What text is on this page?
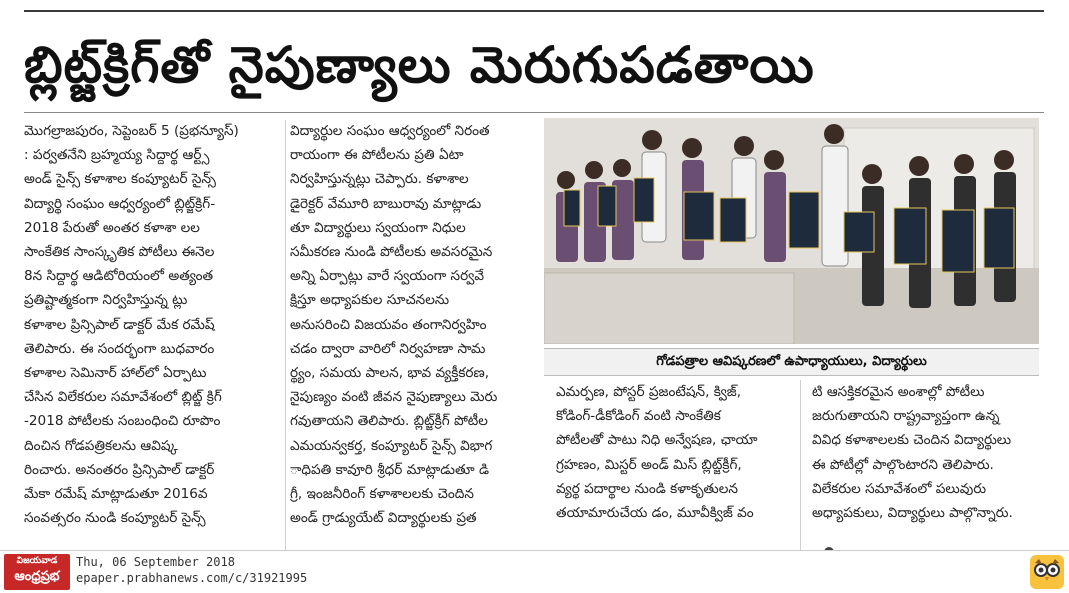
బ్లిట్జ్‌క్రిగ్‌తో నైపుణ్యాలు మెరుగుపడతాయి

మొగల్రాజపురం, సెప్టెంబర్ 5 (ప్రభన్యూస్)

: పర్వతనేని బ్రహ్మయ్య సిద్దార్థ ఆర్ట్స్

అండ్ సైన్స్ కళాశాల కంప్యూటర్ సైన్స్

విద్యార్థి సంఘం ఆధ్వర్యంలో బ్లిట్జ్‌క్రిగ్-

2018 పేరుతో అంతర కళాశా లల

సాంకేతిక సాంస్కృతిక పోటీలు ఈనెల

8న సిద్దార్థ ఆడిటోరియంలో అత్యంత

ప్రతిష్టాత్మకంగా నిర్వహిస్తున్న ట్లు

కళాశాల ప్రిన్సిపాల్ డాక్టర్ మేక రమేష్

తెలిపారు. ఈ సందర్భంగా బుధవారం

కళాశాల సెమినార్ హాల్‌లో ఏర్పాటు

చేసిన విలేకరుల సమావేశంలో బ్లిట్జ్ క్రిగ్

-2018 పోటీలకు సంబంధించి రూపొం

దించిన గోడపత్రికలను ఆవిష్క

రించారు. అనంతరం ప్రిన్సిపాల్ డాక్టర్

మేకా రమేష్ మాట్లాడుతూ 2016వ

సంవత్సరం నుండి కంప్యూటర్ సైన్స్

విద్యార్థుల సంఘం ఆధ్వర్యంలో నిరంత

రాయంగా ఈ పోటీలను ప్రతి ఏటా

నిర్వహిస్తున్నట్లు చెప్పారు. కళాశాల

డైరెక్టర్ వేమూరి బాబురావు మాట్లాడు

తూ విద్యార్థులు స్వయంగా నిధుల

సమీకరణ నుండి పోటీలకు అవసరమైన

అన్ని ఏర్పాట్లు వారే స్వయంగా సర్వవే

క్షిస్తూ అధ్యాపకుల సూచనలను

అనుసరించి విజయవం తంగానిర్వహిం

చడం ద్వారా వారిలో నిర్వహణా సామ

ర్థ్యం, సమయ పాలన, భావ వ్యక్తీకరణ,

నైపుణ్యం వంటి జీవన నైపుణ్యాలు మెరు

గవుతాయని తెలిపారు. బ్లిట్జ్‌క్రీగ్ పోటీల

ఎమయన్వకర్త, కంప్యూటర్ సైన్స్ విభాగ

ాధిపతి కావూరి శ్రీధర్ మాట్లాడుతూ డి

గ్రీ, ఇంజనీరింగ్ కళాశాలలకు చెందిన

అండ్ గ్రాడ్యుయేట్ విద్యార్థులకు ప్రత

గోడపత్రాల ఆవిష్కరణలో ఉపాధ్యాయులు, విద్యార్థులు

ఎమర్పణ, పోస్టర్ ప్రజంటేషన్, క్విజ్,

కోడింగ్-డీకోడింగ్ వంటి సాంకేతిక

పోటీలతో పాటు నిధి అన్వేషణ, ఛాయా

గ్రహణం, మిస్టర్ అండ్ మిస్ బ్లిట్జ్‌క్రీగ్,

వ్యర్థ పదార్థాల నుండి కళాకృతులన

తయామారుచేయ డం, మూవీక్విజ్ వం

టి ఆసక్తికరమైన అంశాల్లో పోటీలు

జరుగుతాయని రాష్ట్రవ్యాప్తంగా ఉన్న

వివిధ కళాశాలలకు చెందిన విద్యార్థులు

ఈ పోటీల్లో పాల్గొంటారని తెలిపారు.

విలేకరుల సమావేశంలో పలువురు

అధ్యాపకులు, విద్యార్థులు పాల్గొన్నారు.

విజయవాడ
ఆంధ్రప్రభ
Thu, 06 September 2018
epaper.prabhanews.com/c/31921995
